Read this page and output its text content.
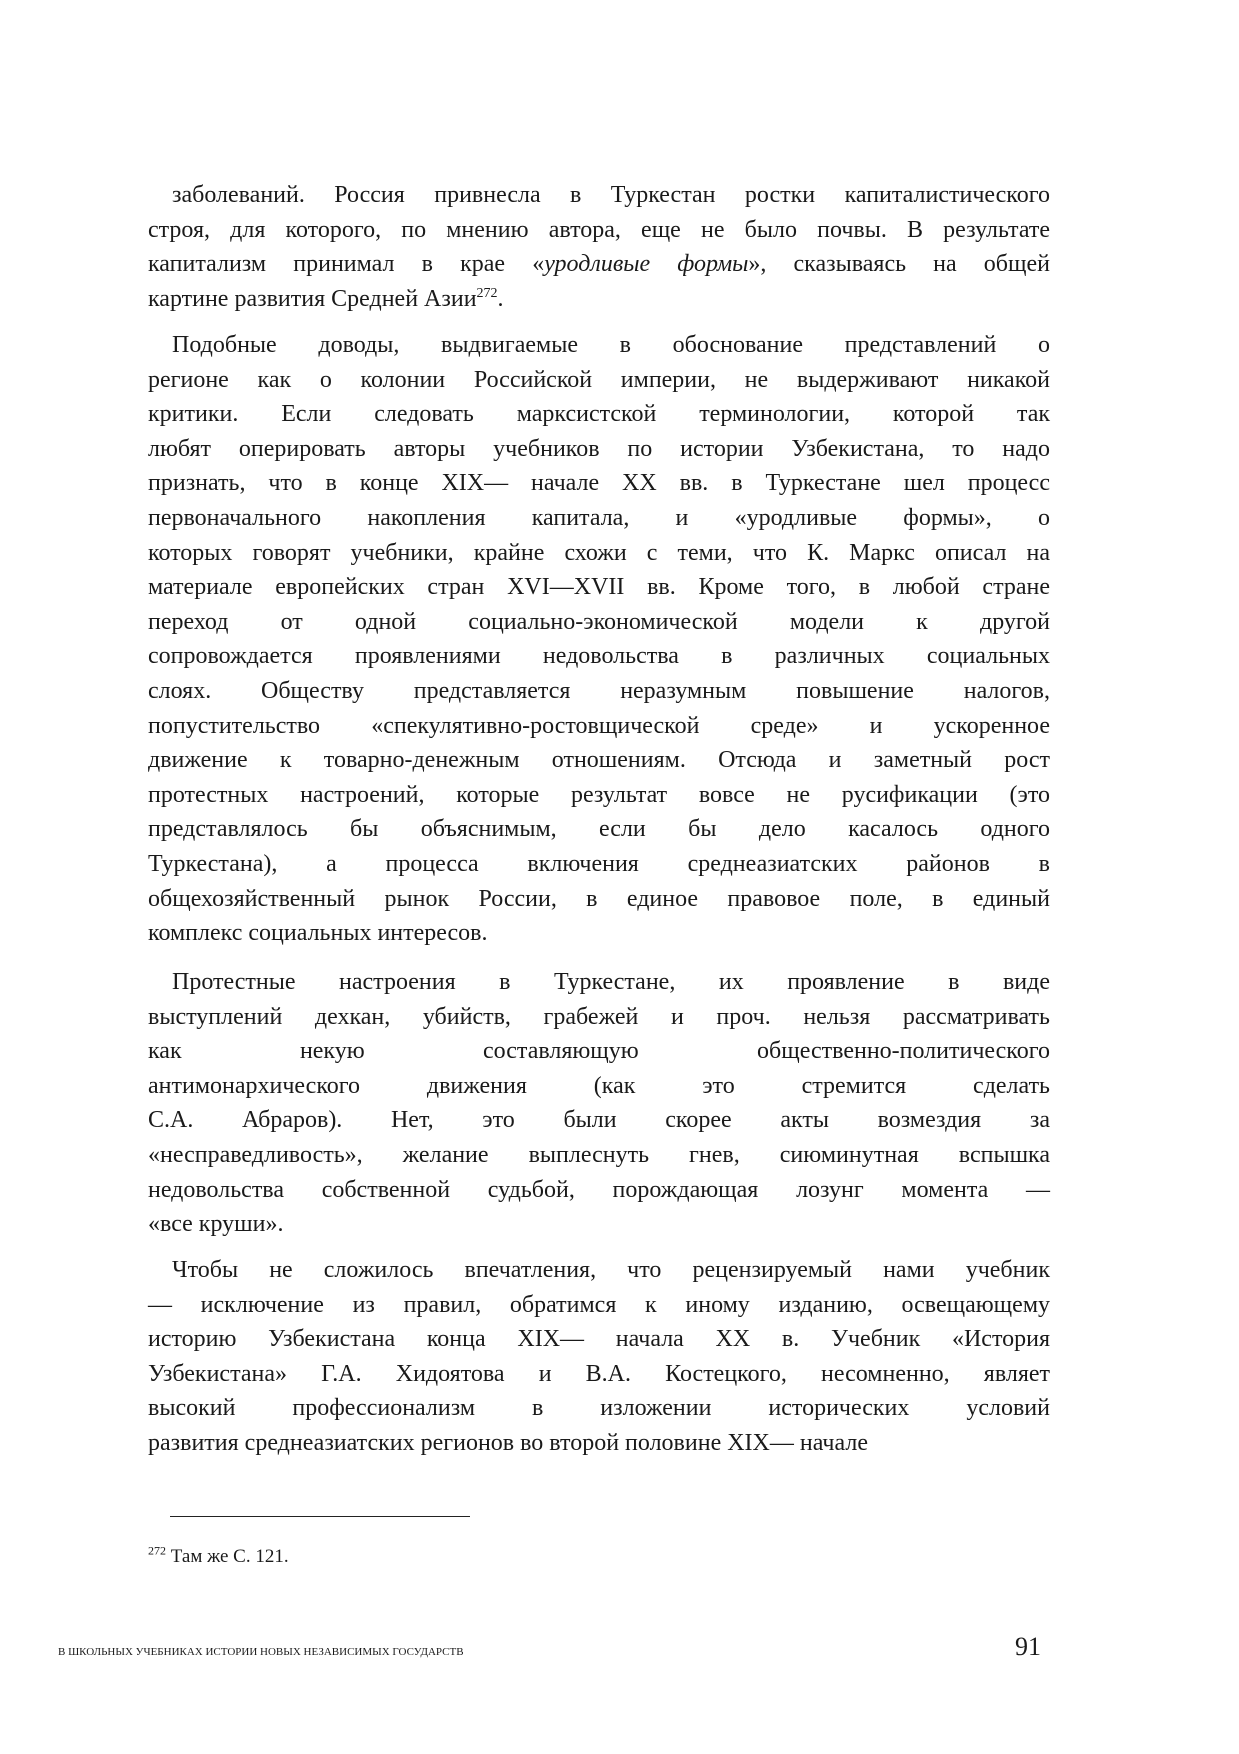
заболеваний. Россия привнесла в Туркестан ростки капиталистического
строя, для которого, по мнению автора, еще не было почвы. В результате
капитализм принимал в крае «уродливые формы», сказываясь на общей
картине развития Средней Азии$^{272}$.
Подобные доводы, выдвигаемые в обоснование представлений о
регионе как о колонии Российской империи, не выдерживают никакой
критики. Если следовать марксистской терминологии, которой так
любят оперировать авторы учебников по истории Узбекистана, то надо
признать, что в конце XIX— начале XX вв. в Туркестане шел процесс
первоначального накопления капитала, и «уродливые формы», о
которых говорят учебники, крайне схожи с теми, что К. Маркс описал на
материале европейских стран XVI—XVII вв. Кроме того, в любой стране
переход от одной социально-экономической модели к другой
сопровождается проявлениями недовольства в различных социальных
слоях. Обществу представляется неразумным повышение налогов,
попустительство «спекулятивно-ростовщической среде» и ускоренное
движение к товарно-денежным отношениям. Отсюда и заметный рост
протестных настроений, которые результат вовсе не русификации (это
представлялось бы объяснимым, если бы дело касалось одного
Туркестана), а процесса включения среднеазиатских районов в
общехозяйственный рынок России, в единое правовое поле, в единый
комплекс социальных интересов.
Протестные настроения в Туркестане, их проявление в виде
выступлений дехкан, убийств, грабежей и проч. нельзя рассматривать
как некую составляющую общественно-политического
антимонархического движения (как это стремится сделать
С.А. Абраров). Нет, это были скорее акты возмездия за
«несправедливость», желание выплеснуть гнев, сиюминутная вспышка
недовольства собственной судьбой, порождающая лозунг момента —
«все круши».
Чтобы не сложилось впечатления, что рецензируемый нами учебник
— исключение из правил, обратимся к иному изданию, освещающему
историю Узбекистана конца XIX— начала XX в. Учебник «История
Узбекистана» Г.А. Хидоятова и В.А. Костецкого, несомненно, являет
высокий профессионализм в изложении исторических условий
развития среднеазиатских регионов во второй половине XIX— начале
$^{272}$ Там же С. 121.
В ШКОЛЬНЫХ УЧЕБНИКАХ ИСТОРИИ НОВЫХ НЕЗАВИСИМЫХ ГОСУДАРСТВ	91
